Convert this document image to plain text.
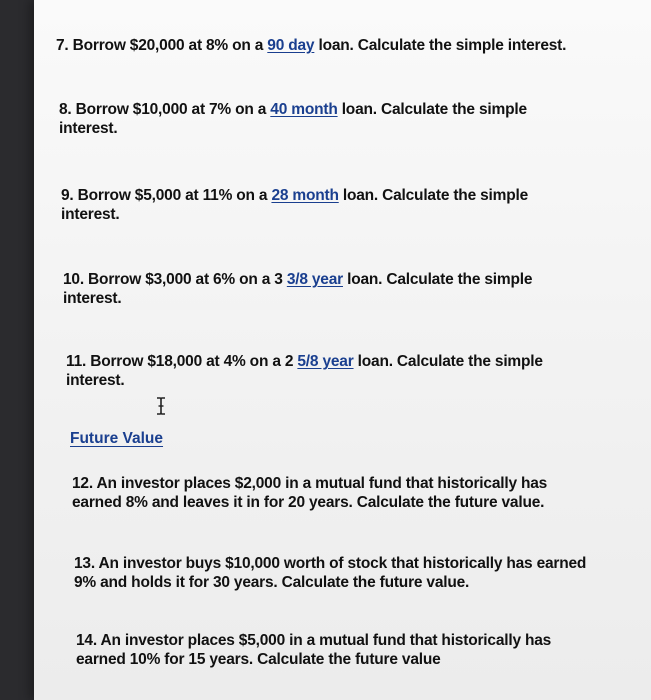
7. Borrow $20,000 at 8% on a 90 day loan. Calculate the simple interest.

8. Borrow $10,000 at 7% on a 40 month loan. Calculate the simple
interest.

9. Borrow $5,000 at 11% on a 28 month loan. Calculate the simple
interest.

10. Borrow $3,000 at 6% on a 3 3/8 year loan. Calculate the simple
interest.

11. Borrow $18,000 at 4% on a 2 5/8 year loan. Calculate the simple
interest.

Future Value

12. An investor places $2,000 in a mutual fund that historically has
earned 8% and leaves it in for 20 years. Calculate the future value.

13. An investor buys $10,000 worth of stock that historically has earned
9% and holds it for 30 years. Calculate the future value.

14. An investor places $5,000 in a mutual fund that historically has
earned 10% for 15 years. Calculate the future value
